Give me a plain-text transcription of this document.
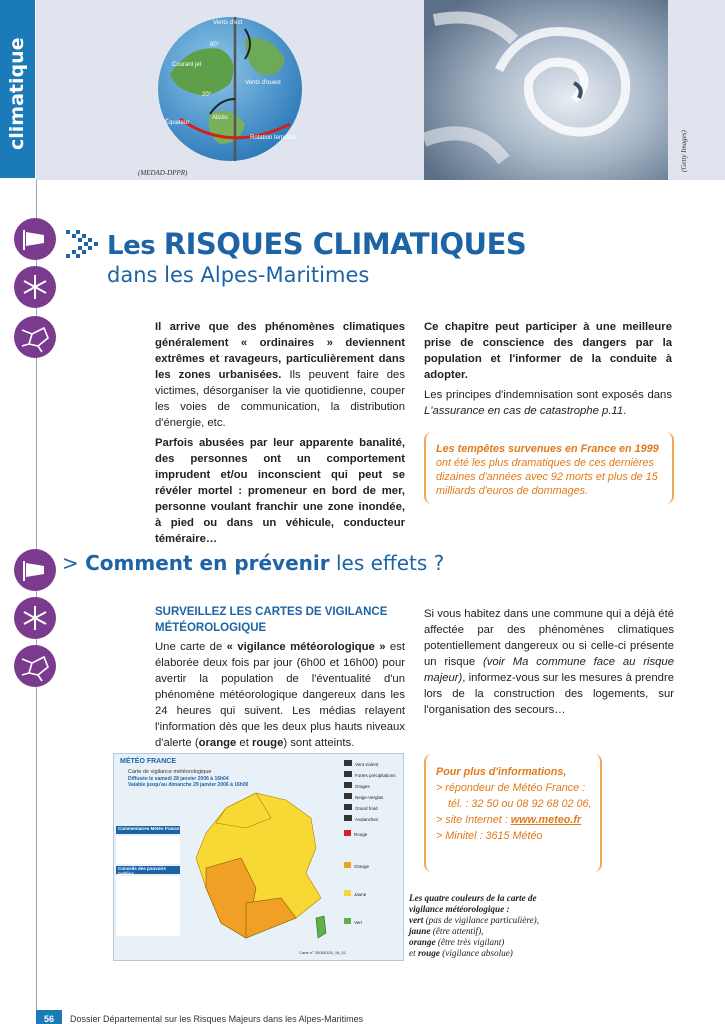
climatique
Vents d'est
60°
Courant jet
Vents d'ouest
20°
Alizés
Équateur
Rotation terrestre
(MEDAD-DPPR)
(Getty Images)
Les RISQUES CLIMATIQUES
dans les Alpes-Maritimes

Il arrive que des phénomènes climatiques généralement « ordinaires » deviennent extrêmes et ravageurs, particulièrement dans les zones urbanisées. Ils peuvent faire des victimes, désorganiser la vie quotidienne, couper les voies de communication, la distribution d'énergie, etc.

Parfois abusées par leur apparente banalité, des personnes ont un comportement imprudent et/ou inconscient qui peut se révéler mortel : promeneur en bord de mer, personne voulant franchir une zone inondée, à pied ou dans un véhicule, conducteur téméraire…

Ce chapitre peut participer à une meilleure prise de conscience des dangers par la population et l'informer de la conduite à adopter.

Les principes d'indemnisation sont exposés dans L'assurance en cas de catastrophe p.11.

Les tempêtes survenues en France en 1999 ont été les plus dramatiques de ces dernières dizaines d'années avec 92 morts et plus de 15 milliards d'euros de dommages.
> Comment en prévenir les effets ?
SURVEILLEZ LES CARTES DE VIGILANCE MÉTÉOROLOGIQUE

Une carte de « vigilance météorologique » est élaborée deux fois par jour (6h00 et 16h00) pour avertir la population de l'éventualité d'un phénomène météorologique dangereux dans les 24 heures qui suivent. Les médias relayent l'information dès que les deux plus hauts niveaux d'alerte (orange et rouge) sont atteints.

Si vous habitez dans une commune qui a déjà été affectée par des phénomènes climatiques potentiellement dangereux ou si celle-ci présente un risque (voir Ma commune face au risque majeur), informez-vous sur les mesures à prendre lors de la construction des logements, sur l'organisation des secours…

Pour plus d'informations,
> répondeur de Météo France :
tél. : 32 50 ou 08 92 68 02 06,
> site Internet : www.meteo.fr
> Minitel : 3615 Météo
MÉTÉO FRANCE
Carte de vigilance météorologique
Diffusée le samedi 28 janvier 2006 à 16h04
Valable jusqu'au dimanche 29 janvier 2006 à 16h00
Commentaires Météo France
Conseils des pouvoirs publics
Vent violent
Fortes précipitations
Orages
Neige-Verglas
Grand froid
Avalanches
Rouge
Orange
Jaune
Vert
Carte n° 20060128_16_01
Les quatre couleurs de la carte de vigilance météorologique :
vert (pas de vigilance particulière),
jaune (être attentif),
orange (être très vigilant)
et rouge (vigilance absolue)
56	Dossier Départemental sur les Risques Majeurs dans les Alpes-Maritimes
